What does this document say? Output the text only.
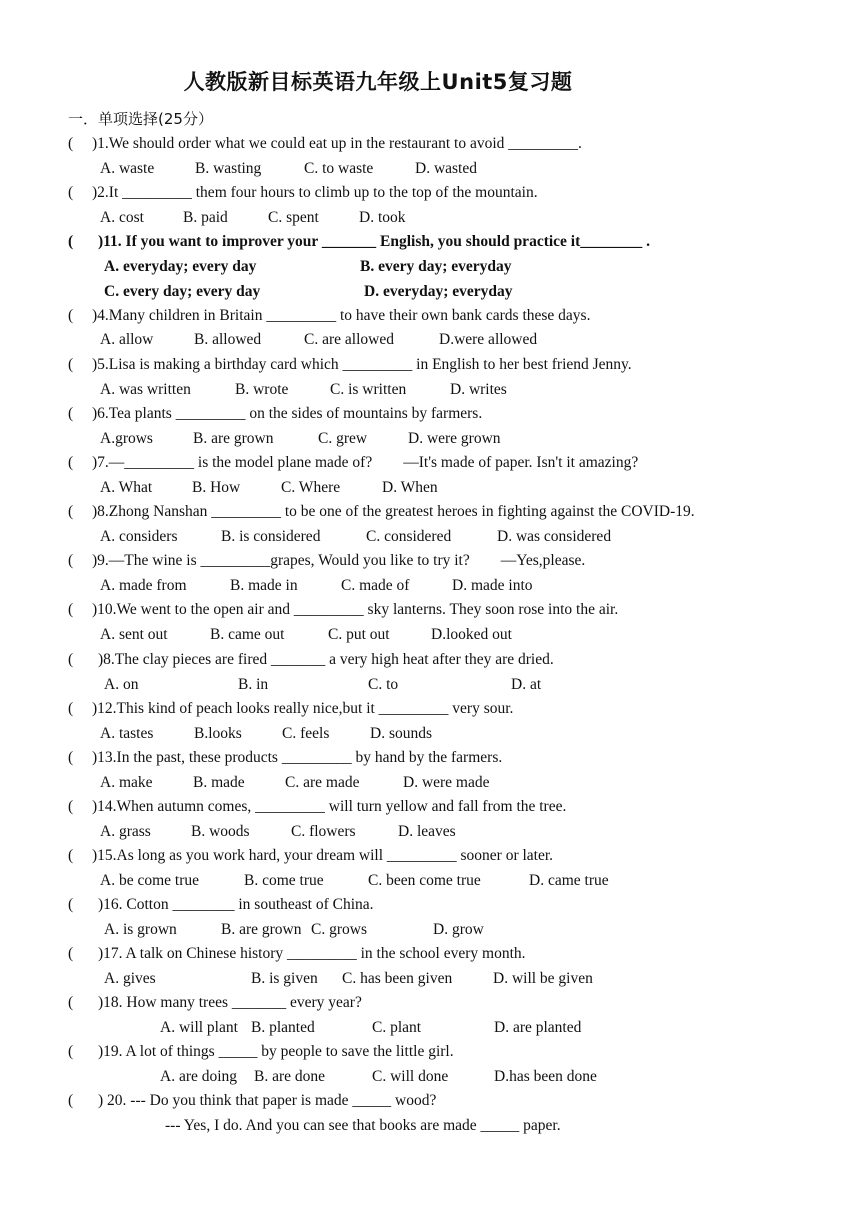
人教版新目标英语九年级上Unit5复习题
一．单项选择(25分）
( )1.We should order what we could eat up in the restaurant to avoid _________.
A. waste	B. wasting	C. to waste	D. wasted
( )2.It _________ them four hours to climb up to the top of the mountain.
A. cost	B. paid	C. spent	D. took
( )11. If you want to improver your _______ English, you should practice it________ .
A. everyday; every day	B. every day; everyday
C. every day; every day	D. everyday; everyday
( )4.Many children in Britain _________ to have their own bank cards these days.
A. allow	B. allowed	C. are allowed	D.were allowed
( )5.Lisa is making a birthday card which _________ in English to her best friend Jenny.
A. was written	B. wrote	C. is written	D. writes
( )6.Tea plants _________ on the sides of mountains by farmers.
A.grows	B. are grown	C. grew	D. were grown
( )7.—_________ is the model plane made of?        —It's made of paper. Isn't it amazing?
A. What	B. How	C. Where	D. When
( )8.Zhong Nanshan _________ to be one of the greatest heroes in fighting against the COVID-19.
A. considers	B. is considered	C. considered	D. was considered
( )9.—The wine is _________grapes, Would you like to try it?        —Yes,please.
A. made from	B. made in	C. made of	D. made into
( )10.We went to the open air and _________ sky lanterns. They soon rose into the air.
A. sent out	B. came out	C. put out	D.looked out
( )8.The clay pieces are fired _______ a very high heat after they are dried.
A. on	B. in	C. to	D. at
( )12.This kind of peach looks really nice,but it _________ very sour.
A. tastes	B.looks	C. feels	D. sounds
( )13.In the past, these products _________ by hand by the farmers.
A. make	B. made	C. are made	D. were made
( )14.When autumn comes, _________ will turn yellow and fall from the tree.
A. grass	B. woods	C. flowers	D. leaves
( )15.As long as you work hard, your dream will _________ sooner or later.
A. be come true	B. come true	C. been come true	D. came true
( )16. Cotton ________ in southeast of China.
A. is grown	B. are grown C. grows	D. grow
( )17. A talk on Chinese history _________ in the school every month.
A. gives	B. is given C. has been given	D. will be given
( )18. How many trees _______ every year?
A. will plant B. planted	C. plant	D. are planted
( )19. A lot of things _____ by people to save the little girl.
A. are doing B. are done	C. will done	D.has been done
( ) 20. --- Do you think that paper is made _____ wood?
--- Yes, I do. And you can see that books are made _____ paper.
